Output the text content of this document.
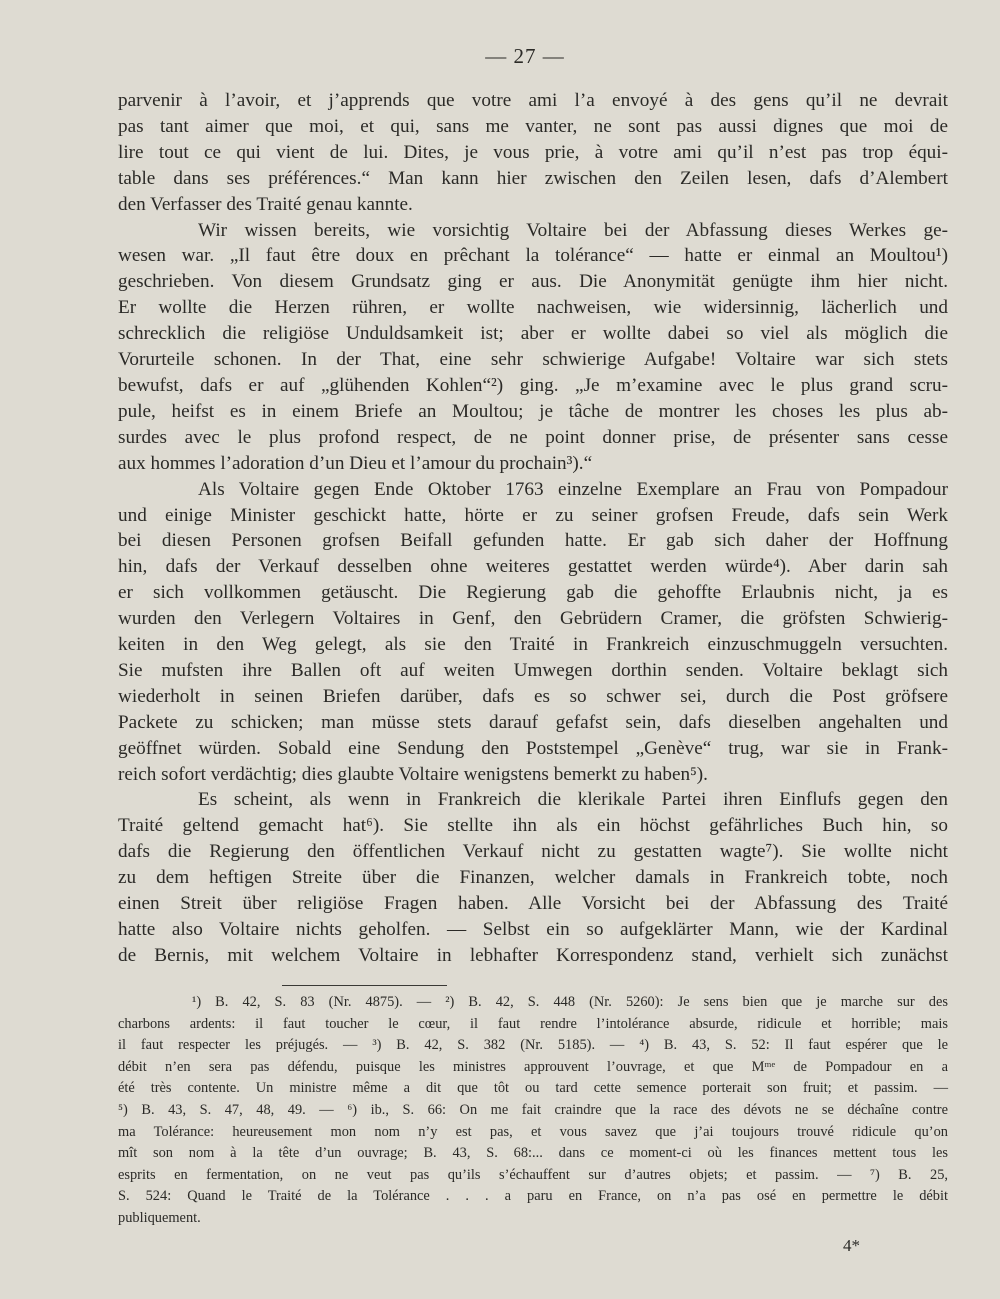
— 27 —
parvenir à l’avoir, et j’apprends que votre ami l’a envoyé à des gens qu’il ne devrait
pas tant aimer que moi, et qui, sans me vanter, ne sont pas aussi dignes que moi de
lire tout ce qui vient de lui. Dites, je vous prie, à votre ami qu’il n’est pas trop équi-
table dans ses préférences.“ Man kann hier zwischen den Zeilen lesen, dafs d’Alembert
den Verfasser des Traité genau kannte.
Wir wissen bereits, wie vorsichtig Voltaire bei der Abfassung dieses Werkes ge-
wesen war. „Il faut être doux en prêchant la tolérance“ — hatte er einmal an Moultou¹)
geschrieben. Von diesem Grundsatz ging er aus. Die Anonymität genügte ihm hier nicht.
Er wollte die Herzen rühren, er wollte nachweisen, wie widersinnig, lächerlich und
schrecklich die religiöse Unduldsamkeit ist; aber er wollte dabei so viel als möglich die
Vorurteile schonen. In der That, eine sehr schwierige Aufgabe! Voltaire war sich stets
bewufst, dafs er auf „glühenden Kohlen“²) ging. „Je m’examine avec le plus grand scru-
pule, heifst es in einem Briefe an Moultou; je tâche de montrer les choses les plus ab-
surdes avec le plus profond respect, de ne point donner prise, de présenter sans cesse
aux hommes l’adoration d’un Dieu et l’amour du prochain³).“
Als Voltaire gegen Ende Oktober 1763 einzelne Exemplare an Frau von Pompadour
und einige Minister geschickt hatte, hörte er zu seiner grofsen Freude, dafs sein Werk
bei diesen Personen grofsen Beifall gefunden hatte. Er gab sich daher der Hoffnung
hin, dafs der Verkauf desselben ohne weiteres gestattet werden würde⁴). Aber darin sah
er sich vollkommen getäuscht. Die Regierung gab die gehoffte Erlaubnis nicht, ja es
wurden den Verlegern Voltaires in Genf, den Gebrüdern Cramer, die gröfsten Schwierig-
keiten in den Weg gelegt, als sie den Traité in Frankreich einzuschmuggeln versuchten.
Sie mufsten ihre Ballen oft auf weiten Umwegen dorthin senden. Voltaire beklagt sich
wiederholt in seinen Briefen darüber, dafs es so schwer sei, durch die Post gröfsere
Packete zu schicken; man müsse stets darauf gefafst sein, dafs dieselben angehalten und
geöffnet würden. Sobald eine Sendung den Poststempel „Genève“ trug, war sie in Frank-
reich sofort verdächtig; dies glaubte Voltaire wenigstens bemerkt zu haben⁵).
Es scheint, als wenn in Frankreich die klerikale Partei ihren Einflufs gegen den
Traité geltend gemacht hat⁶). Sie stellte ihn als ein höchst gefährliches Buch hin, so
dafs die Regierung den öffentlichen Verkauf nicht zu gestatten wagte⁷). Sie wollte nicht
zu dem heftigen Streite über die Finanzen, welcher damals in Frankreich tobte, noch
einen Streit über religiöse Fragen haben. Alle Vorsicht bei der Abfassung des Traité
hatte also Voltaire nichts geholfen. — Selbst ein so aufgeklärter Mann, wie der Kardinal
de Bernis, mit welchem Voltaire in lebhafter Korrespondenz stand, verhielt sich zunächst
¹) B. 42, S. 83 (Nr. 4875). — ²) B. 42, S. 448 (Nr. 5260): Je sens bien que je marche sur des
charbons ardents: il faut toucher le cœur, il faut rendre l’intolérance absurde, ridicule et horrible; mais
il faut respecter les préjugés. — ³) B. 42, S. 382 (Nr. 5185). — ⁴) B. 43, S. 52: Il faut espérer que le
débit n’en sera pas défendu, puisque les ministres approuvent l’ouvrage, et que Mᵐᵉ de Pompadour en a
été très contente. Un ministre même a dit que tôt ou tard cette semence porterait son fruit; et passim. —
⁵) B. 43, S. 47, 48, 49. — ⁶) ib., S. 66: On me fait craindre que la race des dévots ne se déchaîne contre
ma Tolérance: heureusement mon nom n’y est pas, et vous savez que j’ai toujours trouvé ridicule qu’on
mît son nom à la tête d’un ouvrage; B. 43, S. 68:... dans ce moment-ci où les finances mettent tous les
esprits en fermentation, on ne veut pas qu’ils s’échauffent sur d’autres objets; et passim. — ⁷) B. 25,
S. 524: Quand le Traité de la Tolérance . . . a paru en France, on n’a pas osé en permettre le débit
publiquement.
4*
